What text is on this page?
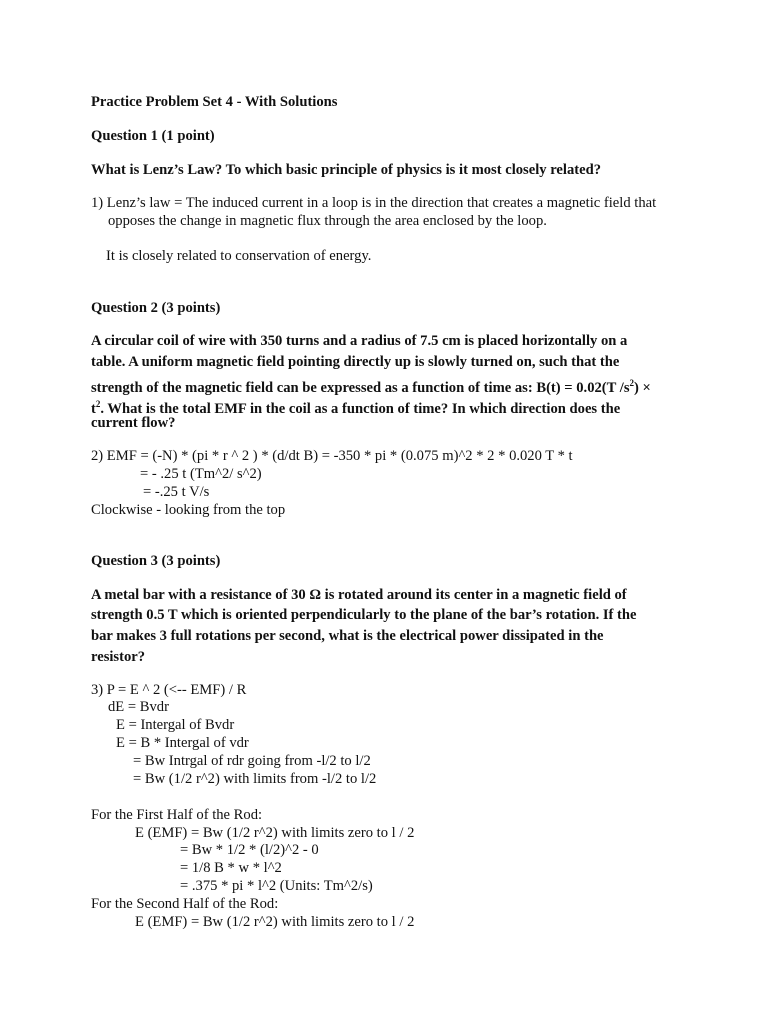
Practice Problem Set 4 - With Solutions
Question 1 (1 point)
What is Lenz’s Law? To which basic principle of physics is it most closely related?
1) Lenz’s law = The induced current in a loop is in the direction that creates a magnetic field that
opposes the change in magnetic flux through the area enclosed by the loop.
It is closely related to conservation of energy.
Question 2 (3 points)
A circular coil of wire with 350 turns and a radius of 7.5 cm is placed horizontally on a
table. A uniform magnetic field pointing directly up is slowly turned on, such that the
strength of the magnetic field can be expressed as a function of time as: B(t) = 0.02(T $/s^2$) ×
$t^2$. What is the total EMF in the coil as a function of time? In which direction does the
current flow?
2) EMF = (-N) * (pi * r ^ 2 ) * (d/dt B) = -350 * pi * (0.075 m)^2 * 2 * 0.020 T * t
= - .25 t (Tm^2/ s^2)
= -.25 t V/s
Clockwise - looking from the top
Question 3 (3 points)
A metal bar with a resistance of 30 Ω is rotated around its center in a magnetic field of
strength 0.5 T which is oriented perpendicularly to the plane of the bar’s rotation. If the
bar makes 3 full rotations per second, what is the electrical power dissipated in the
resistor?
3) P = E ^ 2 (<-- EMF) / R
dE = Bvdr
E = Intergal of Bvdr
E = B * Intergal of vdr
= Bw Intrgal of rdr going from -l/2 to l/2
= Bw (1/2 r^2) with limits from -l/2 to l/2
For the First Half of the Rod:
E (EMF) = Bw (1/2 r^2) with limits zero to l / 2
= Bw * 1/2 * (l/2)^2 - 0
= 1/8 B * w * l^2
= .375 * pi * l^2 (Units: Tm^2/s)
For the Second Half of the Rod:
E (EMF) = Bw (1/2 r^2) with limits zero to l / 2
